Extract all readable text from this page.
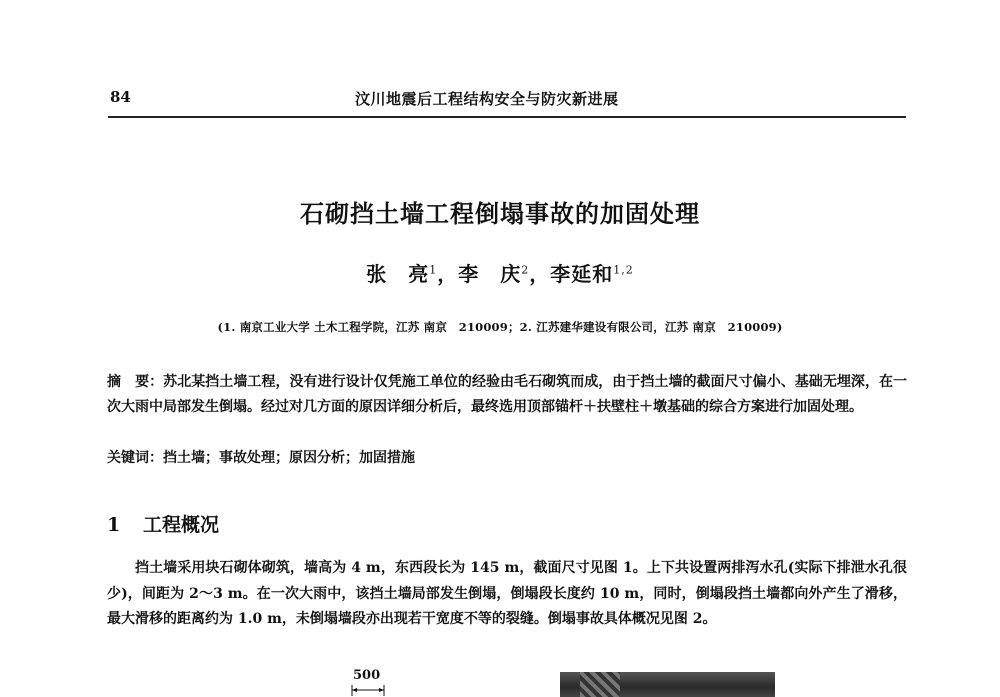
84	汶川地震后工程结构安全与防灾新进展
石砌挡土墙工程倒塌事故的加固处理
张　亮$^1$，李　庆$^2$，李延和$^{1,2}$
(1. 南京工业大学 土木工程学院，江苏 南京　210009；2. 江苏建华建设有限公司，江苏 南京　210009)
摘　要：苏北某挡土墙工程，没有进行设计仅凭施工单位的经验由毛石砌筑而成，由于挡土墙的截面尺寸偏小、基础无埋深，在一次大雨中局部发生倒塌。经过对几方面的原因详细分析后，最终选用顶部锚杆＋扶壁柱＋墩基础的综合方案进行加固处理。
关键词：挡土墙；事故处理；原因分析；加固措施
1 工程概况
挡土墙采用块石砌体砌筑，墙高为 4 m，东西段长为 145 m，截面尺寸见图 1。上下共设置两排泻水孔(实际下排泄水孔很少)，间距为 2～3 m。在一次大雨中，该挡土墙局部发生倒塌，倒塌段长度约 10 m，同时，倒塌段挡土墙都向外产生了滑移，最大滑移的距离约为 1.0 m，未倒塌墙段亦出现若干宽度不等的裂缝。倒塌事故具体概况见图 2。
500
